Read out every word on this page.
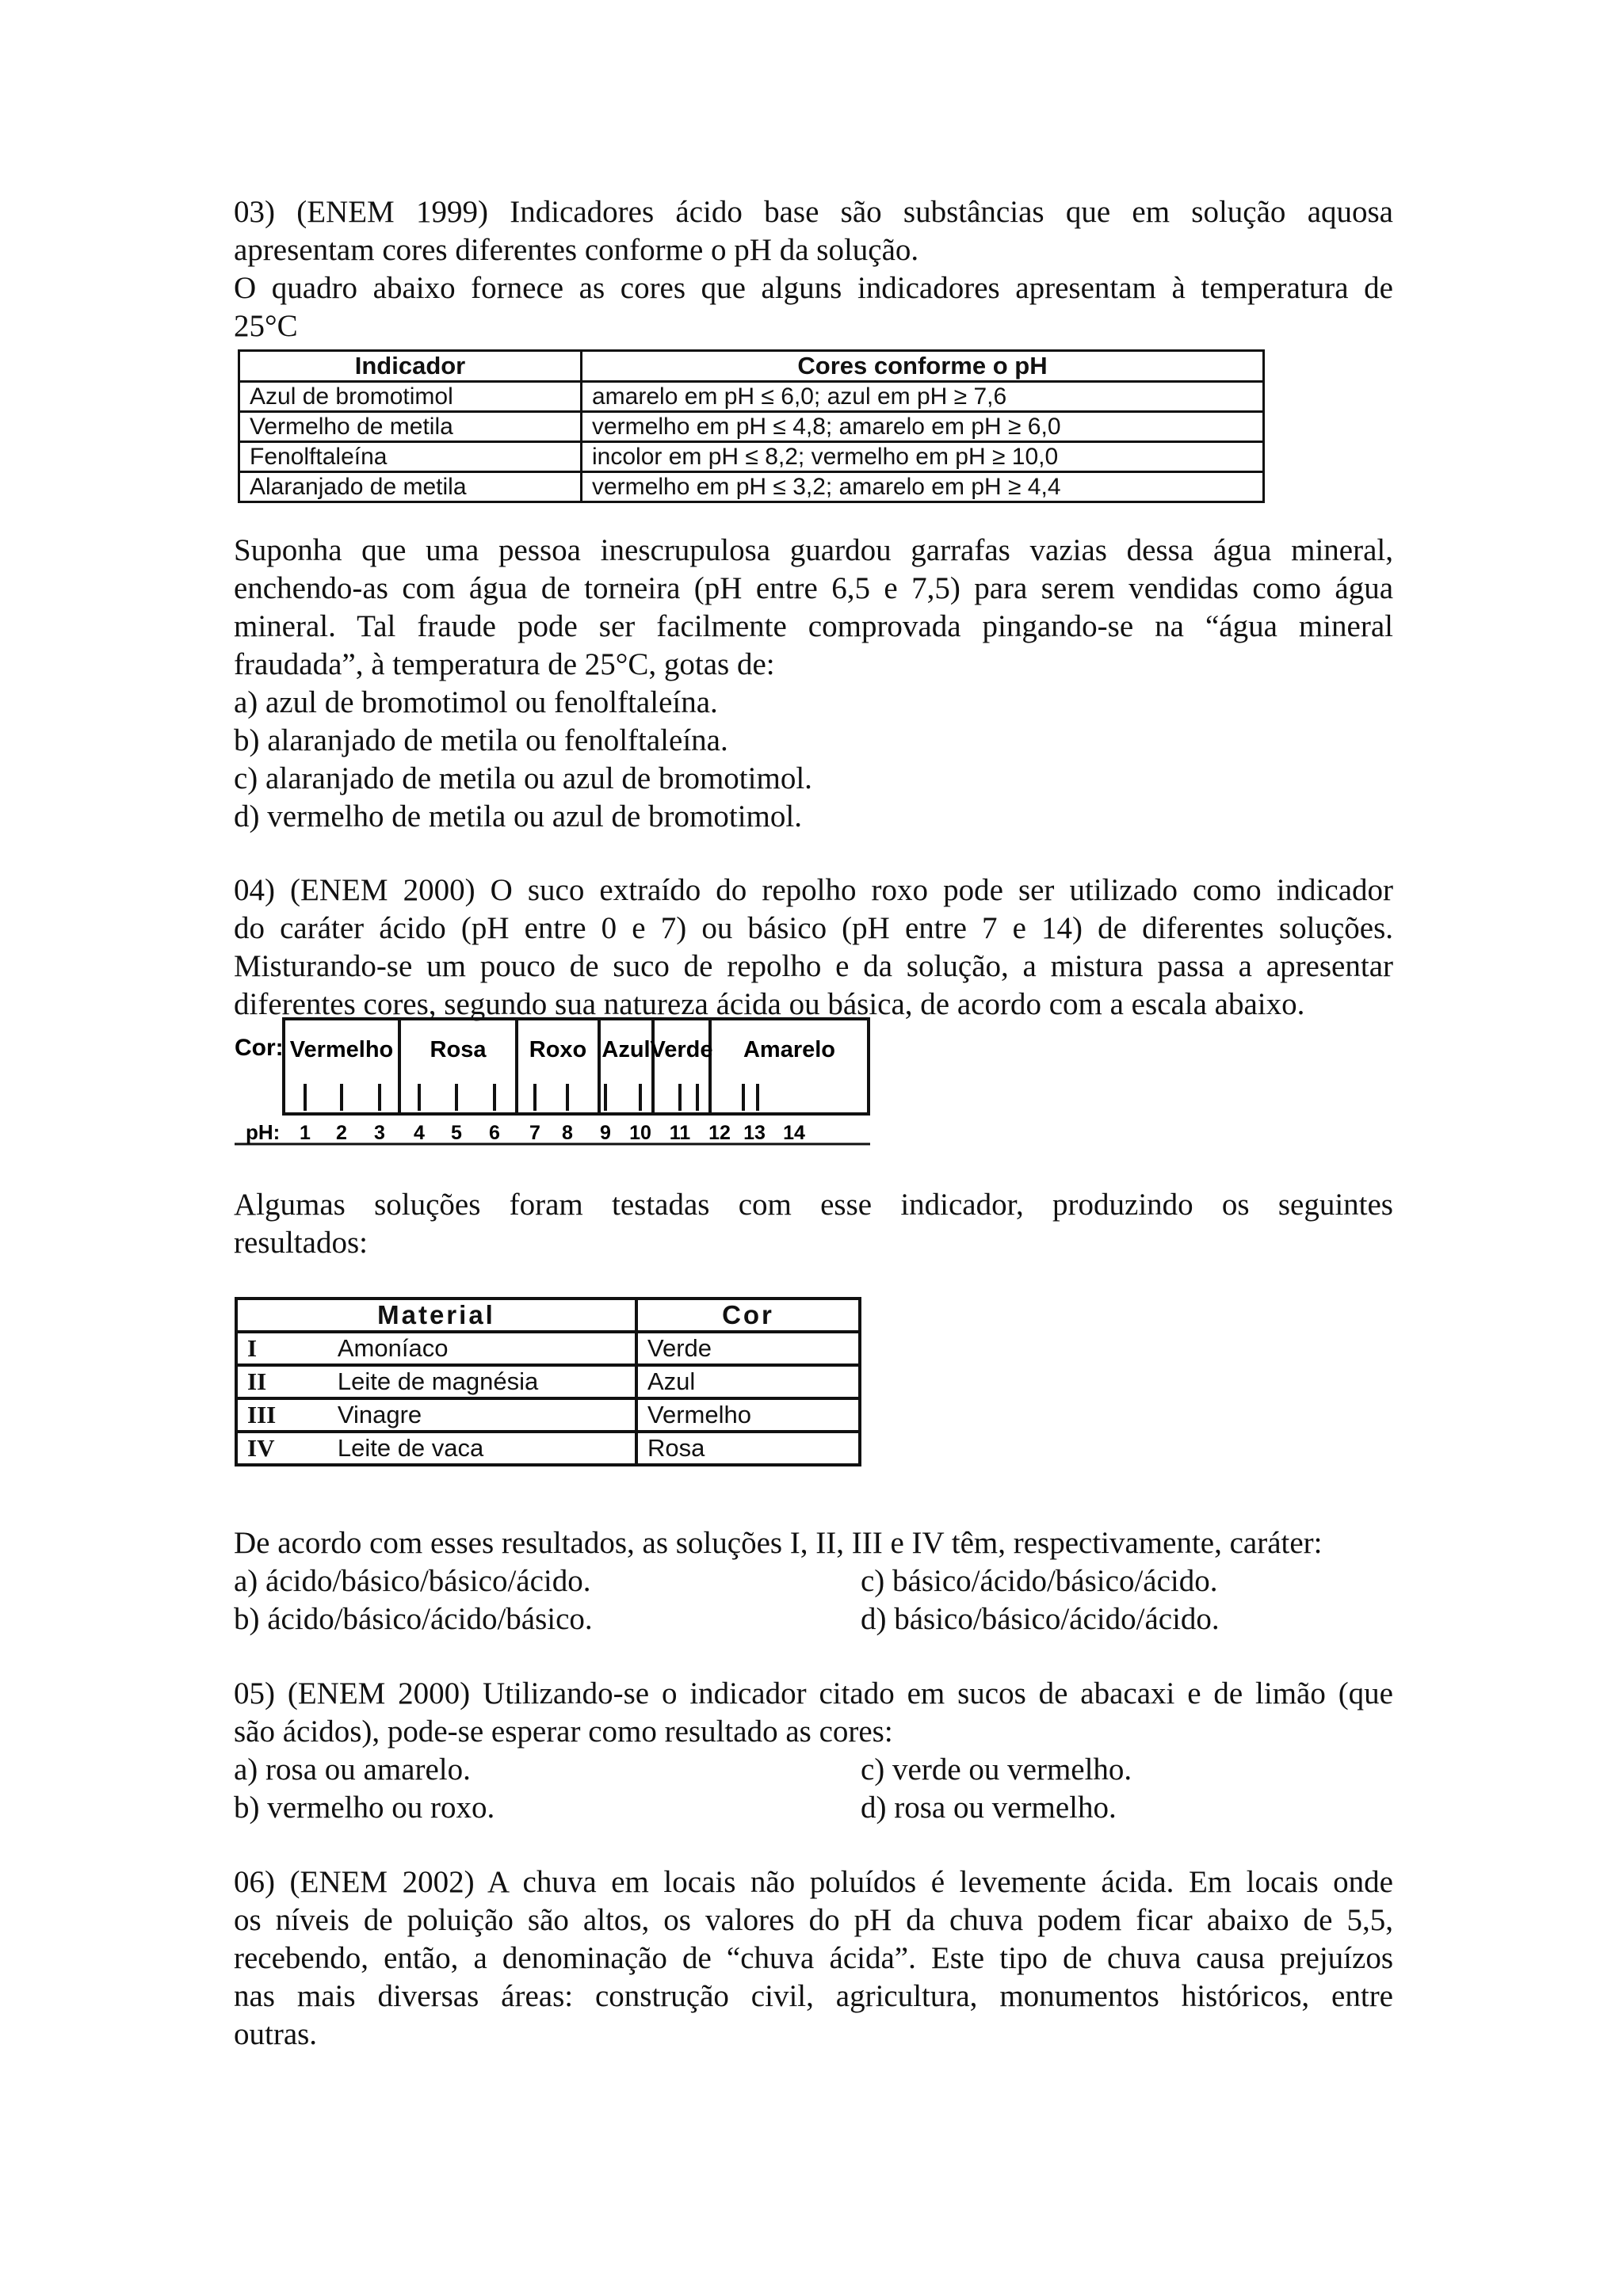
03) (ENEM 1999) Indicadores ácido base são substâncias que em solução aquosa
apresentam cores diferentes conforme o pH da solução.
O quadro abaixo fornece as cores que alguns indicadores apresentam à temperatura de
25°C
Indicador	Cores conforme o pH
Azul de bromotimol	amarelo em pH ≤ 6,0; azul em pH ≥ 7,6
Vermelho de metila	vermelho em pH ≤ 4,8; amarelo em pH ≥ 6,0
Fenolftaleína	incolor em pH ≤ 8,2; vermelho em pH ≥ 10,0
Alaranjado de metila	vermelho em pH ≤ 3,2; amarelo em pH ≥ 4,4
Suponha que uma pessoa inescrupulosa guardou garrafas vazias dessa água mineral,
enchendo-as com água de torneira (pH entre 6,5 e 7,5) para serem vendidas como água
mineral. Tal fraude pode ser facilmente comprovada pingando-se na “água mineral
fraudada”, à temperatura de 25°C, gotas de:
a) azul de bromotimol ou fenolftaleína.
b) alaranjado de metila ou fenolftaleína.
c) alaranjado de metila ou azul de bromotimol.
d) vermelho de metila ou azul de bromotimol.
04) (ENEM 2000) O suco extraído do repolho roxo pode ser utilizado como indicador
do caráter ácido (pH entre 0 e 7) ou básico (pH entre 7 e 14) de diferentes soluções.
Misturando-se um pouco de suco de repolho e da solução, a mistura passa a apresentar
diferentes cores, segundo sua natureza ácida ou básica, de acordo com a escala abaixo.
Cor: Vermelho Rosa Roxo Azul Verde Amarelo
pH: 1 2 3 4 5 6 7 8 9 10 11 12 13 14
Algumas soluções foram testadas com esse indicador, produzindo os seguintes
resultados:
Material		Cor
I	Amoníaco	Verde
II	Leite de magnésia	Azul
III	Vinagre	Vermelho
IV	Leite de vaca	Rosa
De acordo com esses resultados, as soluções I, II, III e IV têm, respectivamente, caráter:
a) ácido/básico/básico/ácido.	c) básico/ácido/básico/ácido.
b) ácido/básico/ácido/básico.	d) básico/básico/ácido/ácido.
05) (ENEM 2000) Utilizando-se o indicador citado em sucos de abacaxi e de limão (que
são ácidos), pode-se esperar como resultado as cores:
a) rosa ou amarelo.	c) verde ou vermelho.
b) vermelho ou roxo.	d) rosa ou vermelho.
06) (ENEM 2002) A chuva em locais não poluídos é levemente ácida. Em locais onde
os níveis de poluição são altos, os valores do pH da chuva podem ficar abaixo de 5,5,
recebendo, então, a denominação de “chuva ácida”. Este tipo de chuva causa prejuízos
nas mais diversas áreas: construção civil, agricultura, monumentos históricos, entre
outras.
